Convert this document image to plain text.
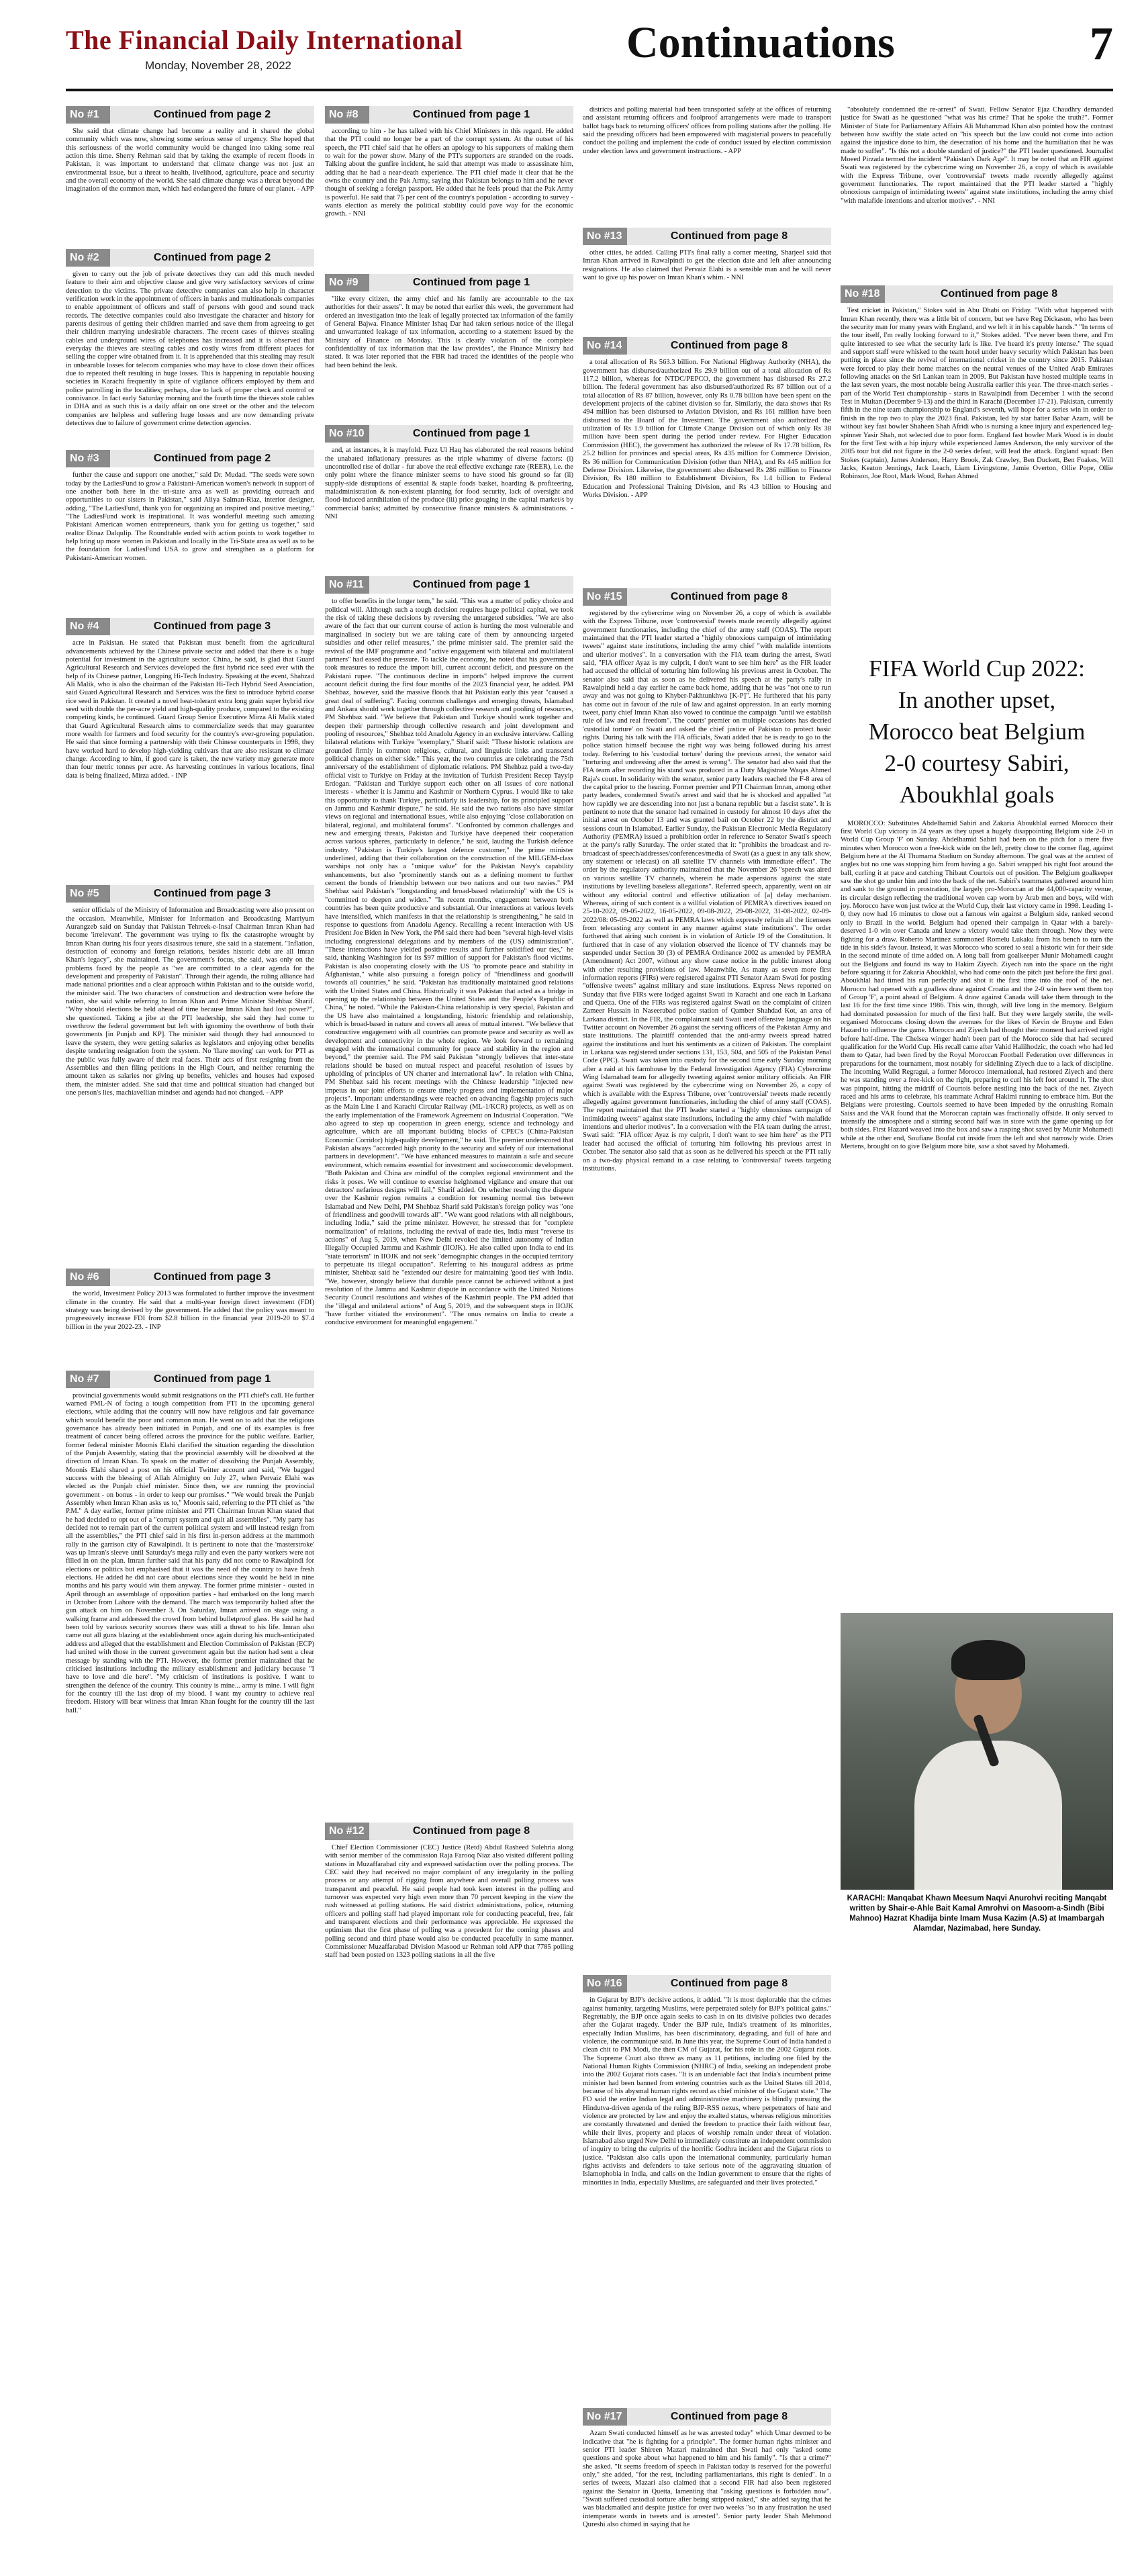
The Financial Daily International
Monday, November 28, 2022	Continuations	7
No #1	Continued from page 2

She said that climate change had become a reality and it shared the global community which was now, showing some serious sense of urgency. She hoped that this seriousness of the world community would be changed into taking some real action this time. Sherry Rehman said that by taking the example of recent floods in Pakistan, it was important to understand that climate change was not just an environmental issue, but a threat to health, livelihood, agriculture, peace and security and the overall economy of the world. She said climate change was a threat beyond the imagination of the common man, which had endangered the future of our planet. - APP

No #2	Continued from page 2

given to carry out the job of private detectives they can add this much needed feature to their aim and objective clause and give very satisfactory services of crime detection to the victims. The private detective companies can also help in character verification work in the appointment of officers in banks and multinationals companies to enable appointment of officers and staff of persons with good and sound track records. The detective companies could also investigate the character and history for parents desirous of getting their children married and save them from agreeing to get their children marrying undesirable characters. The recent cases of thieves stealing cables and underground wires of telephones has increased and it is observed that everyday the thieves are stealing cables and costly wires from different places for selling the copper wire obtained from it. It is apprehended that this stealing may result in unbearable losses for telecom companies who may have to close down their offices due to repeated theft resulting in huge losses. This is happening in reputable housing societies in Karachi frequently in spite of vigilance officers employed by them and police patrolling in the localities; perhaps, due to lack of proper check and control or connivance. In fact early Saturday morning and the fourth time the thieves stole cables in DHA and as such this is a daily affair on one street or the other and the telecom companies are helpless and suffering huge losses and are now demanding private detectives due to failure of government crime detection agencies.

No #3	Continued from page 2

further the cause and support one another," said Dr. Mudad. "The seeds were sown today by the LadiesFund to grow a Pakistani-American women's network in support of one another both here in the tri-state area as well as providing outreach and opportunities to our sisters in Pakistan," said Aliya Salman-Riaz, interior designer, adding, "The LadiesFund, thank you for organizing an inspired and positive meeting." "The LadiesFund work is inspirational. It was wonderful meeting such amazing Pakistani American women entrepreneurs, thank you for getting us together," said realtor Dinaz Dalqulip. The Roundtable ended with action points to work together to help bring up more women in Pakistan and locally in the Tri-State area as well as to be the foundation for LadiesFund USA to grow and strengthen as a platform for Pakistani-American women.

No #4	Continued from page 3

acre in Pakistan. He stated that Pakistan must benefit from the agricultural advancements achieved by the Chinese private sector and added that there is a huge potential for investment in the agriculture sector. China, he said, is glad that Guard Agricultural Research and Services developed the first hybrid rice seed ever with the help of its Chinese partner, Longping Hi-Tech Industry. Speaking at the event, Shahzad Ali Malik, who is also the chairman of the Pakistan Hi-Tech Hybrid Seed Association, said Guard Agricultural Research and Services was the first to introduce hybrid coarse rice seed in Pakistan. It created a novel heat-tolerant extra long grain super hybrid rice seed with double the per-acre yield and high-quality produce, compared to the existing competing kinds, he continued. Guard Group Senior Executive Mirza Ali Malik stated that Guard Agricultural Research aims to commercialize seeds that may guarantee more wealth for farmers and food security for the country's ever-growing population. He said that since forming a partnership with their Chinese counterparts in 1998, they have worked hard to develop high-yielding cultivars that are also resistant to climate change. According to him, if good care is taken, the new variety may generate more than four metric tonnes per acre. As harvesting continues in various locations, final data is being finalized, Mirza added. - INP

No #5	Continued from page 3

senior officials of the Ministry of Information and Broadcasting were also present on the occasion. Meanwhile, Minister for Information and Broadcasting Marriyum Aurangzeb said on Sunday that Pakistan Tehreek-e-Insaf Chairman Imran Khan had become 'irrelevant'. The government was trying to fix the catastrophe wrought by Imran Khan during his four years disastrous tenure, she said in a statement. "Inflation, destruction of economy and foreign relations, besides historic debt are all Imran Khan's legacy", she maintained. The government's focus, she said, was only on the problems faced by the people as "we are committed to a clear agenda for the development and prosperity of Pakistan". Through their agenda, the ruling alliance had made national priorities and a clear approach within Pakistan and to the outside world, the minister said. The two characters of construction and destruction were before the nation, she said while referring to Imran Khan and Prime Minister Shehbaz Sharif. "Why should elections be held ahead of time because Imran Khan had lost power?", she questioned. Taking a jibe at the PTI leadership, she said they had come to overthrow the federal government but left with ignominy the overthrow of both their governments [in Punjab and KP]. The minister said though they had announced to leave the system, they were getting salaries as legislators and enjoying other benefits despite tendering resignation from the system. No 'flare moving' can work for PTI as the public was fully aware of their real faces. Their acts of first resigning from the Assemblies and then filing petitions in the High Court, and neither returning the amount taken as salaries nor giving up benefits, vehicles and houses had exposed them, the minister added. She said that time and political situation had changed but one person's lies, machiavellian mindset and agenda had not changed. - APP

No #6	Continued from page 3

the world, Investment Policy 2013 was formulated to further improve the investment climate in the country. He said that a multi-year foreign direct investment (FDI) strategy was being devised by the government. He added that the policy was meant to progressively increase FDI from $2.8 billion in the financial year 2019-20 to $7.4 billion in the year 2022-23. - INP

No #7	Continued from page 1

provincial governments would submit resignations on the PTI chief's call. He further warned PML-N of facing a tough competition from PTI in the upcoming general elections, while adding that the country will now have religious and fair governance which would benefit the poor and common man. He went on to add that the religious governance has already been initiated in Punjab, and one of its examples is free treatment of cancer being offered across the province for the public welfare. Earlier, former federal minister Moonis Elahi clarified the situation regarding the dissolution of the Punjab Assembly, stating that the provincial assembly will be dissolved at the direction of Imran Khan. To speak on the matter of dissolving the Punjab Assembly, Moonis Elahi shared a post on his official Twitter account and said, "We bagged success with the blessing of Allah Almighty on July 27, when Pervaiz Elahi was elected as the Punjab chief minister. Since then, we are running the provincial government - on bonus - in order to keep our promises." "We would break the Punjab Assembly when Imran Khan asks us to," Moonis said, referring to the PTI chief as "the P.M." A day earlier, former prime minister and PTI Chairman Imran Khan stated that he had decided to opt out of a "corrupt system and quit all assemblies". "My party has decided not to remain part of the current political system and will instead resign from all the assemblies," the PTI chief said in his first in-person address at the mammoth rally in the garrison city of Rawalpindi. It is pertinent to note that the 'masterstroke' was up Imran's sleeve until Saturday's mega rally and even the party workers were not filled in on the plan. Imran further said that his party did not come to Rawalpindi for elections or politics but emphasised that it was the need of the country to have fresh elections. He added he did not care about elections since they would be held in nine months and his party would win them anyway. The former prime minister - ousted in April through an assemblage of opposition parties - had embarked on the long march in October from Lahore with the demand. The march was temporarily halted after the gun attack on him on November 3. On Saturday, Imran arrived on stage using a walking frame and addressed the crowd from behind bulletproof glass. He said he had been told by various security sources there was still a threat to his life. Imran also came out all guns blazing at the establishment once again during his much-anticipated address and alleged that the establishment and Election Commission of Pakistan (ECP) had united with those in the current government again but the nation had sent a clear message by standing with the PTI. However, the former premier maintained that he criticised institutions including the military establishment and judiciary because "I have to love and die here". "My criticism of institutions is positive. I want to strengthen the defence of the country. This country is mine... army is mine. I will fight for the country till the last drop of my blood. I want my country to achieve real freedom. History will bear witness that Imran Khan fought for the country till the last ball."

No #8	Continued from page 1

according to him - he has talked with his Chief Ministers in this regard. He added that the PTI could no longer be a part of the corrupt system. At the outset of his speech, the PTI chief said that he offers an apology to his supporters of making them to wait for the power show. Many of the PTI's supporters are stranded on the roads. Talking about the gunfire incident, he said that attempt was made to assassinate him, adding that he had a near-death experience. The PTI chief made it clear that he the owns the country and the Pak Army, saying that Pakistan belongs to him and he never thought of seeking a foreign passport. He added that he feels proud that the Pak Army is powerful. He said that 75 per cent of the country's population - according to survey - wants election as merely the political stability could pave way for the economic growth. - NNI

No #9	Continued from page 1

"like every citizen, the army chief and his family are accountable to the tax authorities for their assets". It may be noted that earlier this week, the government had ordered an investigation into the leak of legally protected tax information of the family of General Bajwa. Finance Minister Ishaq Dar had taken serious notice of the illegal and unwarranted leakage of tax information, according to a statement issued by the Ministry of Finance on Monday. This is clearly violation of the complete confidentiality of tax information that the law provides", the Finance Ministry had stated. It was later reported that the FBR had traced the identities of the people who had been behind the leak.

No #10	Continued from page 1

and, at instances, it is mayfold. Fuzz Ul Haq has elaborated the real reasons behind the unabated inflationary pressures as the triple whammy of diverse factors: (i) uncontrolled rise of dollar - fur above the real effective exchange rate (REER), i.e. the only point where the finance minister seems to have stood his ground so far (ii) supply-side disruptions of essential & staple foods basket, hoarding & profiteering, maladministration & non-existent planning for food security, lack of oversight and flood-induced annihilation of the produce (iii) price gouging in the capital market/s by commercial banks; admitted by consecutive finance ministers & administrations. - NNI

No #11	Continued from page 1

to offer benefits in the longer term," he said. "This was a matter of policy choice and political will. Although such a tough decision requires huge political capital, we took the risk of taking these decisions by reversing the untargeted subsidies. "We are also aware of the fact that our current course of action is hurting the most vulnerable and marginalised in society but we are taking care of them by announcing targeted subsidies and other relief measures," the prime minister said. The premier said the revival of the IMF programme and "active engagement with bilateral and multilateral partners" had eased the pressure. To tackle the economy, he noted that his government took measures to reduce the import bill, current account deficit, and pressure on the Pakistani rupee. "The continuous decline in imports" helped improve the current account deficit during the first four months of the 2023 financial year, he added. PM Shehbaz, however, said the massive floods that hit Pakistan early this year "caused a great deal of suffering". Facing common challenges and emerging threats, Islamabad and Ankara should work together through collective research and pooling of resources, PM Shehbaz said. "We believe that Pakistan and Turkiye should work together and deepen their partnership through collective research and joint development and pooling of resources," Shehbaz told Anadolu Agency in an exclusive interview. Calling bilateral relations with Turkiye "exemplary," Sharif said: "These historic relations are grounded firmly in common religious, cultural, and linguistic links and transcend political changes on either side." This year, the two countries are celebrating the 75th anniversary of the establishment of diplomatic relations. PM Shehbaz paid a two-day official visit to Turkiye on Friday at the invitation of Turkish President Recep Tayyip Erdogan. "Pakistan and Turkiye support each other on all issues of core national interests - whether it is Jammu and Kashmir or Northern Cyprus. I would like to take this opportunity to thank Turkiye, particularly its leadership, for its principled support on Jammu and Kashmir dispute," he said. He said the two nations also have similar views on regional and international issues, while also enjoying "close collaboration on bilateral, regional, and multilateral forums". "Confronted by common challenges and new and emerging threats, Pakistan and Turkiye have deepened their cooperation across various spheres, particularly in defence," he said, lauding the Turkish defence industry. "Pakistan is Turkiye's largest defence customer," the prime minister underlined, adding that their collaboration on the construction of the MILGEM-class warships not only has a "unique value" for the Pakistan Navy's capability enhancements, but also "prominently stands out as a defining moment to further cement the bonds of friendship between our two nations and our two navies." PM Shehbaz said Pakistan's "longstanding and broad-based relationship" with the US is "committed to deepen and widen." "In recent months, engagement between both countries has been quite productive and substantial. Our interactions at various levels have intensified, which manifests in that the relationship is strengthening," he said in response to questions from Anadolu Agency. Recalling a recent interaction with US President Joe Biden in New York, the PM said there had been "several high-level visits including congressional delegations and by members of the (US) administration". "These interactions have yielded positive results and further solidified our ties," he said, thanking Washington for its $97 million of support for Pakistan's flood victims. Pakistan is also cooperating closely with the US "to promote peace and stability in Afghanistan," while also pursuing a foreign policy of "friendliness and goodwill towards all countries," he said. "Pakistan has traditionally maintained good relations with the United States and China. Historically it was Pakistan that acted as a bridge in opening up the relationship between the United States and the People's Republic of China," he noted. "While the Pakistan-China relationship is very special, Pakistan and the US have also maintained a longstanding, historic friendship and relationship, which is broad-based in nature and covers all areas of mutual interest. "We believe that constructive engagement with all countries can promote peace and security as well as development and connectivity in the whole region. We look forward to remaining engaged with the international community for peace and stability in the region and beyond," the premier said. The PM said Pakistan "strongly believes that inter-state relations should be based on mutual respect and peaceful resolution of issues by upholding of principles of UN charter and international law". In relation with China, PM Shehbaz said his recent meetings with the Chinese leadership "injected new impetus in our joint efforts to ensure timely progress and implementation of major projects". Important understandings were reached on advancing flagship projects such as the Main Line 1 and Karachi Circular Railway (ML-1/KCR) projects, as well as on the early implementation of the Framework Agreement on Industrial Cooperation. "We also agreed to step up cooperation in green energy, science and technology and agriculture, which are all important building blocks of CPEC's (China-Pakistan Economic Corridor) high-quality development," he said. The premier underscored that Pakistan always "accorded high priority to the security and safety of our international partners in development". "We have enhanced measures to maintain a safe and secure environment, which remains essential for investment and socioeconomic development. "Both Pakistan and China are mindful of the complex regional environment and the risks it poses. We will continue to exercise heightened vigilance and ensure that our detractors' nefarious designs will fail," Sharif added. On whether resolving the dispute over the Kashmir region remains a condition for resuming normal ties between Islamabad and New Delhi, PM Shehbaz Sharif said Pakistan's foreign policy was "one of friendliness and goodwill towards all". "We want good relations with all neighbours, including India," said the prime minister. However, he stressed that for "complete normalization" of relations, including the revival of trade ties, India must "reverse its actions" of Aug 5, 2019, when New Delhi revoked the limited autonomy of Indian Illegally Occupied Jammu and Kashmir (IIOJK). He also called upon India to end its "state terrorism" in IIOJK and not seek "demographic changes in the occupied territory to perpetuate its illegal occupation". Referring to his inaugural address as prime minister, Shehbaz said he "extended our desire for maintaining 'good ties' with India. "We, however, strongly believe that durable peace cannot be achieved without a just resolution of the Jammu and Kashmir dispute in accordance with the United Nations Security Council resolutions and wishes of the Kashmiri people. The PM added that the "illegal and unilateral actions" of Aug 5, 2019, and the subsequent steps in IIOJK "have further vitiated the environment". "The onus remains on India to create a conducive environment for meaningful engagement."

No #12	Continued from page 8

Chief Election Commissioner (CEC) Justice (Retd) Abdul Rasheed Sulehria along with senior member of the commission Raja Farooq Niaz also visited different polling stations in Muzaffarabad city and expressed satisfaction over the polling process. The CEC said they had received no major complaint of any irregularity in the polling process or any attempt of rigging from anywhere and overall polling process was transparent and peaceful. He said people had took keen interest in the polling and turnover was expected very high even more than 70 percent keeping in the view the rush witnessed at polling stations. He said district administrations, police, returning officers and polling staff had played important role for conducting peaceful, free, fair and transparent elections and their performance was appreciable. He expressed the optimism that the first phase of polling was a precedent for the coming phases and polling second and third phase would also be conducted peacefully in same manner. Commissioner Muzaffarabad Division Masood ur Rehman told APP that 7785 polling staff had been posted on 1323 polling stations in all the five

districts and polling material had been transported safely at the offices of returning and assistant returning officers and foolproof arrangements were made to transport ballot bags back to returning officers' offices from polling stations after the polling. He said the presiding officers had been empowered with magisterial powers to peacefully conduct the polling and implement the code of conduct issued by election commission under election laws and government instructions. - APP

No #13	Continued from page 8

other cities, he added. Calling PTI's final rally a corner meeting, Sharjeel said that Imran Khan arrived in Rawalpindi to get the election date and left after announcing resignations. He also claimed that Pervaiz Elahi is a sensible man and he will never want to give up his power on Imran Khan's whim. - NNI

No #14	Continued from page 8

a total allocation of Rs 563.3 billion. For National Highway Authority (NHA), the government has disbursed/authorized Rs 29.9 billion out of a total allocation of Rs 117.2 billion, whereas for NTDC/PEPCO, the government has disbursed Rs 27.2 billion. The federal government has also disbursed/authorized Rs 87 billion out of a total allocation of Rs 87 billion, however, only Rs 0.78 billion have been spent on the development projects of the cabinet division so far. Similarly, the data shows that Rs 494 million has been disbursed to Aviation Division, and Rs 161 million have been disbursed to the Board of the Investment. The government also authorized the utilization of Rs 1.9 billion for Climate Change Division out of which only Rs 38 million have been spent during the period under review. For Higher Education Commission (HEC), the government has authorized the release of Rs 17.78 billion, Rs 25.2 billion for provinces and special areas, Rs 435 million for Commerce Division, Rs 36 million for Communication Division (other than NHA), and Rs 445 million for Defense Division. Likewise, the government also disbursed Rs 286 million to Finance Division, Rs 180 million to Establishment Division, Rs 1.4 billion to Federal Education and Professional Training Division, and Rs 4.3 billion to Housing and Works Division. - APP

No #15	Continued from page 8

registered by the cybercrime wing on November 26, a copy of which is available with the Express Tribune, over 'controversial' tweets made recently allegedly against government functionaries, including the chief of the army staff (COAS). The report maintained that the PTI leader started a "highly obnoxious campaign of intimidating tweets" against state institutions, including the army chief "with malafide intentions and ulterior motives". In a conversation with the FIA team during the arrest, Swati said, "FIA officer Ayaz is my culprit, I don't want to see him here" as the FIR leader had accused the official of torturing him following his previous arrest in October. The senator also said that as soon as he delivered his speech at the party's rally in Rawalpindi held a day earlier he came back home, adding that he was "not one to run away and was not going to Khyber-Pakhtunkhwa [K-P]". He furthered that his party has come out in favour of the rule of law and against oppression. In an early morning tweet, party chief Imran Khan also vowed to continue the campaign "until we establish rule of law and real freedom". The courts' premier on multiple occasions has decried 'custodial torture' on Swati and asked the chief justice of Pakistan to protect basic rights. During his talk with the FIA officials, Swati added that he is ready to go to the police station himself because the right way was being followed during his arrest today. Referring to his 'custodial torture' during the previous arrest, the senator said "torturing and undressing after the arrest is wrong". The senator had also said that the FIA team after recording his stand was produced in a Duty Magistrate Waqas Ahmed Raja's court. In solidarity with the senator, senior party leaders reached the F-8 area of the capital prior to the hearing. Former premier and PTI Chairman Imran, among other party leaders, condemned Swati's arrest and said that he is shocked and appalled "at how rapidly we are descending into not just a banana republic but a fascist state". It is pertinent to note that the senator had remained in custody for almost 10 days after the initial arrest on October 13 and was granted bail on October 22 by the district and sessions court in Islamabad. Earlier Sunday, the Pakistan Electronic Media Regulatory Authority (PEMRA) issued a prohibition order in reference to Senator Swati's speech at the party's rally Saturday. The order stated that it: "prohibits the broadcast and re-broadcast of speech/addresses/conferences/media of Swati (as a guest in any talk show, any statement or telecast) on all satellite TV channels with immediate effect". The order by the regulatory authority maintained that the November 26 "speech was aired on various satellite TV channels, wherein he made aspersions against the state institutions by levelling baseless allegations". Referred speech, apparently, went on air without any editorial control and effective utilization of [a] delay mechanism. Whereas, airing of such content is a willful violation of PEMRA's directives issued on 25-10-2022, 09-05-2022, 16-05-2022, 09-08-2022, 29-08-2022, 31-08-2022, 02-09-2022/08: 05-09-2022 as well as PEMRA laws which expressly refrain all the licensees from telecasting any content in any manner against state institutions". The order furthered that airing such content is in violation of Article 19 of the Constitution. It furthered that in case of any violation observed the licence of TV channels may be suspended under Section 30 (3) of PEMRA Ordinance 2002 as amended by PEMRA (Amendment) Act 2007, without any show cause notice in the public interest along with other resulting provisions of law. Meanwhile, As many as seven more first information reports (FIRs) were registered against PTI Senator Azam Swati for posting "offensive tweets" against military and state institutions. Express News reported on Sunday that five FIRs were lodged against Swati in Karachi and one each in Larkana and Quetta. One of the FIRs was registered against Swati on the complaint of citizen Zameer Hussain in Naseerabad police station of Qamber Shahdad Kot, an area of Larkana district. In the FIR, the complainant said Swati used offensive language on his Twitter account on November 26 against the serving officers of the Pakistan Army and state institutions. The plaintiff contended that the anti-army tweets spread hatred against the institutions and hurt his sentiments as a citizen of Pakistan. The complaint in Larkana was registered under sections 131, 153, 504, and 505 of the Pakistan Penal Code (PPC). Swati was taken into custody for the second time early Sunday morning after a raid at his farmhouse by the Federal Investigation Agency (FIA) Cybercrime Wing Islamabad team for allegedly tweeting against senior military officials. An FIR against Swati was registered by the cybercrime wing on November 26, a copy of which is available with the Express Tribune, over 'controversial' tweets made recently allegedly against government functionaries, including the chief of army staff (COAS). The report maintained that the PTI leader started a "highly obnoxious campaign of intimidating tweets" against state institutions, including the army chief "with malafide intentions and ulterior motives". In a conversation with the FIA team during the arrest, Swati said: "FIA officer Ayaz is my culprit, I don't want to see him here" as the PTI leader had accused the official of torturing him following his previous arrest in October. The senator also said that as soon as he delivered his speech at the PTI rally on a two-day physical remand in a case relating to 'controversial' tweets targeting institutions.

No #16	Continued from page 8

in Gujarat by BJP's decisive actions, it added. "It is most deplorable that the crimes against humanity, targeting Muslims, were perpetrated solely for BJP's political gains." Regrettably, the BJP once again seeks to cash in on its divisive policies two decades after the Gujarat tragedy. Under the BJP rule, India's treatment of its minorities, especially Indian Muslims, has been discriminatory, degrading, and full of hate and violence, the communiqué said. In June this year, the Supreme Court of India handed a clean chit to PM Modi, the then CM of Gujarat, for his role in the 2002 Gujarat riots. The Supreme Court also threw as many as 11 petitions, including one filed by the National Human Rights Commission (NHRC) of India, seeking an independent probe into the 2002 Gujarat riots cases. "It is an undeniable fact that India's incumbent prime minister had been banned from entering countries such as the United States till 2014, because of his abysmal human rights record as chief minister of the Gujarat state." The FO said the entire Indian legal and administrative machinery is blindly pursuing the Hindutva-driven agenda of the ruling BJP-RSS nexus, where perpetrators of hate and violence are protected by law and enjoy the exalted status, whereas religious minorities are constantly threatened and denied the freedom to practice their faith without fear, while their lives, property and places of worship remain under threat of violation. Islamabad also urged New Delhi to immediately constitute an independent commission of inquiry to bring the culprits of the horrific Godhra incident and the Gujarat riots to justice. "Pakistan also calls upon the international community, particularly human rights activists and defenders to take serious note of the aggravating situation of Islamophobia in India, and calls on the Indian government to ensure that the rights of minorities in India, especially Muslims, are safeguarded and their lives protected."

No #17	Continued from page 8

Azam Swati conducted himself as he was arrested today" which Umar deemed to be indicative that "he is fighting for a principle". The former human rights minister and senior PTI leader Shireen Mazari maintained that Swati had only "asked some questions and spoke about what happened to him and his family". "Is that a crime?" she asked. "It seems freedom of speech in Pakistan today is reserved for the powerful only," she added, "for the rest, including parliamentarians, this right is denied". In a series of tweets, Mazari also claimed that a second FIR had also been registered against the Senator in Quetta, lamenting that "asking questions is forbidden now". "Swati suffered custodial torture after being stripped naked," she added saying that he was blackmailed and despite justice for over two weeks "so in any frustration he used intemperate words in tweets and is arrested". Senior party leader Shah Mehmood Qureshi also chimed in saying that he

"absolutely condemned the re-arrest" of Swati. Fellow Senator Ejaz Chaudhry demanded justice for Swati as he questioned "what was his crime? That he spoke the truth?". Former Minister of State for Parliamentary Affairs Ali Muhammad Khan also pointed how the contrast between how swiftly the state acted on "his speech but the law could not come into action against the injustice done to him, the desecration of his home and the humiliation that he was made to suffer". "Is this not a double standard of justice?" the PTI leader questioned. Journalist Moeed Pirzada termed the incident "Pakistan's Dark Age". It may be noted that an FIR against Swati was registered by the cybercrime wing on November 26, a copy of which is available with the Express Tribune, over 'controversial' tweets made recently allegedly against government functionaries. The report maintained that the PTI leader started a "highly obnoxious campaign of intimidating tweets" against state institutions, including the army chief "with malafide intentions and ulterior motives". - NNI

No #18	Continued from page 8

Test cricket in Pakistan," Stokes said in Abu Dhabi on Friday. "With what happened with Imran Khan recently, there was a little bit of concern, but we have Reg Dickason, who has been the security man for many years with England, and we left it in his capable hands." "In terms of the tour itself, I'm really looking forward to it," Stokes added. "I've never been there, and I'm quite interested to see what the security lark is like. I've heard it's pretty intense." The squad and support staff were whisked to the team hotel under heavy security which Pakistan has been putting in place since the revival of international cricket in the country since 2015. Pakistan were forced to play their home matches on the neutral venues of the United Arab Emirates following attacks on the Sri Lankan team in 2009. But Pakistan have hosted multiple teams in the last seven years, the most notable being Australia earlier this year. The three-match series - part of the World Test championship - starts in Rawalpindi from December 1 with the second Test in Multan (December 9-13) and the third in Karachi (December 17-21). Pakistan, currently fifth in the nine team championship to England's seventh, will hope for a series win in order to finish in the top two to play the 2023 final. Pakistan, led by star batter Babar Azam, will be without key fast bowler Shaheen Shah Afridi who is nursing a knee injury and experienced leg-spinner Yasir Shah, not selected due to poor form. England fast bowler Mark Wood is in doubt for the first Test with a hip injury while experienced James Anderson, the only survivor of the 2005 tour but did not figure in the 2-0 series defeat, will lead the attack. England squad: Ben Stokes (captain), James Anderson, Harry Brook, Zak Crawley, Ben Duckett, Ben Foakes, Will Jacks, Keaton Jennings, Jack Leach, Liam Livingstone, Jamie Overton, Ollie Pope, Ollie Robinson, Joe Root, Mark Wood, Rehan Ahmed

FIFA World Cup 2022:
In another upset,
Morocco beat Belgium
2-0 courtesy Sabiri,
Aboukhlal goals

MOROCCO: Substitutes Abdelhamid Sabiri and Zakaria Aboukhlal earned Morocco their first World Cup victory in 24 years as they upset a hugely disappointing Belgium side 2-0 in World Cup Group 'F' on Sunday. Abdelhamid Sabiri had been on the pitch for a mere five minutes when Morocco won a free-kick wide on the left, pretty close to the corner flag, against Belgium here at the Al Thumama Stadium on Sunday afternoon. The goal was at the acutest of angles but no one was stopping him from having a go. Sabiri wrapped his right foot around the ball, curling it at pace and catching Thibaut Courtois out of position. The Belgium goalkeeper saw the shot go under him and into the back of the net. Sabiri's teammates gathered around him and sank to the ground in prostration, the largely pro-Moroccan at the 44,000-capacity venue, its circular design reflecting the traditional woven cap worn by Arab men and boys, wild with joy. Morocco have won just twice at the World Cup, their last victory came in 1998. Leading 1-0, they now had 16 minutes to close out a famous win against a Belgium side, ranked second only to Brazil in the world. Belgium had opened their campaign in Qatar with a barely-deserved 1-0 win over Canada and knew a victory would take them through. Now they were fighting for a draw. Roberto Martinez summoned Romelu Lukaku from his bench to turn the tide in his side's favour. Instead, it was Morocco who scored to seal a historic win for their side in the second minute of time added on. A long ball from goalkeeper Munir Mohamedi caught out the Belgians and found its way to Hakim Ziyech. Ziyech ran into the space on the right before squaring it for Zakaria Aboukhlal, who had come onto the pitch just before the first goal. Aboukhlal had timed his run perfectly and shot it the first time into the roof of the net. Morocco had opened with a goalless draw against Croatia and the 2-0 win here sent them top of Group 'F', a point ahead of Belgium. A draw against Canada will take them through to the last 16 for the first time since 1986. This win, though, will live long in the memory. Belgium had dominated possession for much of the first half. But they were largely sterile, the well-organised Moroccans closing down the avenues for the likes of Kevin de Bruyne and Eden Hazard to influence the game. Morocco and Ziyech had thought their moment had arrived right before half-time. The Chelsea winger hadn't been part of the Morocco side that had secured qualification for the World Cup. His recall came after Vahid Halilhodzic, the coach who had led them to Qatar, had been fired by the Royal Moroccan Football Federation over differences in preparations for the tournament, most notably for sidelining Ziyech due to a lack of discipline. The incoming Walid Regragui, a former Morocco international, had restored Ziyech and there he was standing over a free-kick on the right, preparing to curl his left foot around it. The shot was pinpoint, hitting the midriff of Courtois before nestling into the back of the net. Ziyech raced and his arms to celebrate, his teammate Achraf Hakimi running to embrace him. But the Belgians were protesting. Courtois seemed to have been impeded by the onrushing Romain Saiss and the VAR found that the Moroccan captain was fractionally offside. It only served to intensify the atmosphere and a stirring second half was in store with the game opening up for both sides. First Hazard weaved into the box and saw a rasping shot saved by Munir Mohamedi while at the other end, Soufiane Boufal cut inside from the left and shot narrowly wide. Dries Mertens, brought on to give Belgium more bite, saw a shot saved by Mohamedi.

KARACHI: Manqabat Khawn Meesum Naqvi Anurohvi reciting Manqabt written by Shair-e-Ahle Bait Kamal Amrohvi on Masoom-a-Sindh (Bibi Mahnoo) Hazrat Khadija binte Imam Musa Kazim (A.S) at Imambargah Alamdar, Nazimabad, here Sunday.
